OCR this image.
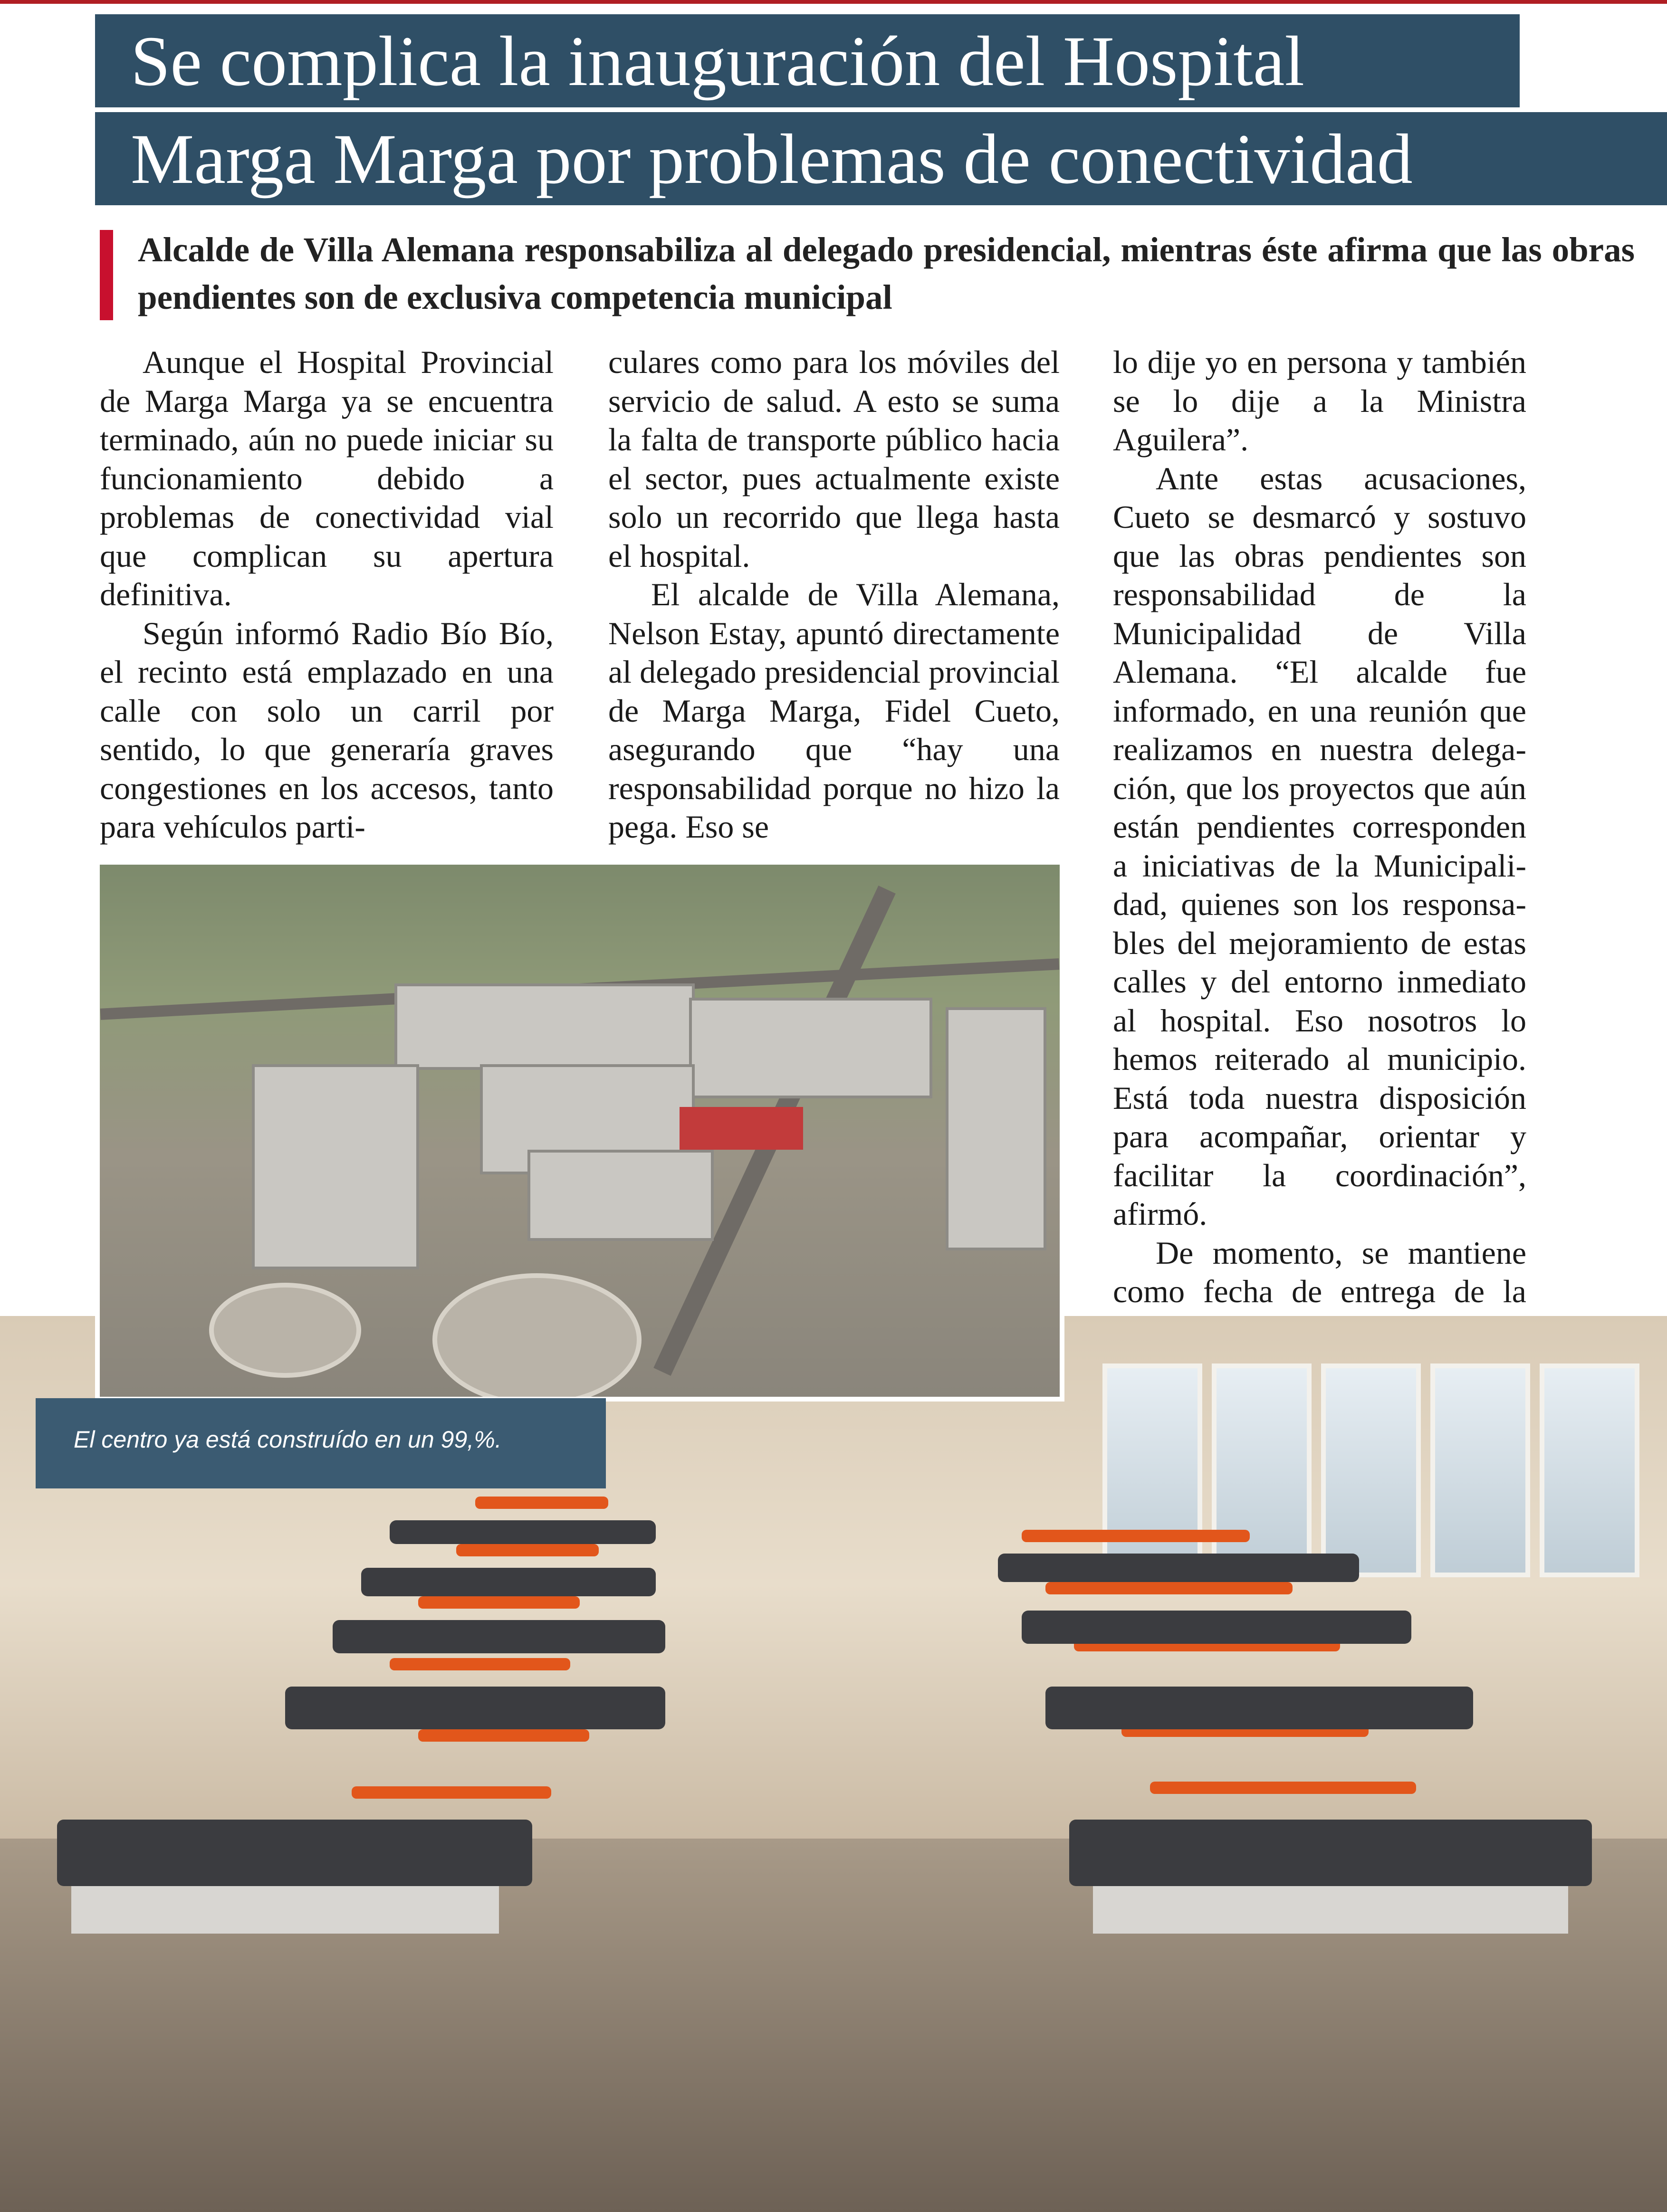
Se complica la inauguración del Hospital
Marga Marga por problemas de conectividad
Alcalde de Villa Alemana responsabiliza al delegado presidencial, mientras éste afirma que las obras pendientes son de exclusiva competencia municipal

Aunque el Hospital Provincial de Marga Marga ya se encuentra terminado, aún no puede iniciar su funcionamiento debido a problemas de conectividad vial que complican su apertura definitiva.

Según informó Radio Bío Bío, el recinto está emplazado en una calle con solo un carril por sentido, lo que generaría graves congestiones en los accesos, tanto para vehículos parti-

culares como para los móviles del servicio de salud. A esto se suma la falta de transporte público hacia el sector, pues actualmente existe solo un recorrido que llega hasta el hospital.

El alcalde de Villa Alemana, Nelson Estay, apuntó directamente al delegado presidencial provincial de Marga Marga, Fidel Cueto, asegurando que “hay una responsabilidad porque no hizo la pega. Eso se

lo dije yo en persona y también se lo dije a la Ministra Aguilera”.

Ante estas acusaciones, Cueto se desmarcó y sostuvo que las obras pendientes son responsabilidad de la Municipalidad de Villa Alemana. “El alcalde fue informado, en una reunión que realizamos en nuestra delegación, que los proyectos que aún están pendientes corresponden a iniciativas de la Municipalidad, quienes son los responsables del mejoramiento de estas calles y del entorno inmediato al hospital. Eso nosotros lo hemos reiterado al municipio. Está toda nuestra disposición para acompañar, orientar y facilitar la coordinación”, afirmó.

De momento, se mantiene como fecha de entrega de la

El centro ya está construído en un 99,%.
